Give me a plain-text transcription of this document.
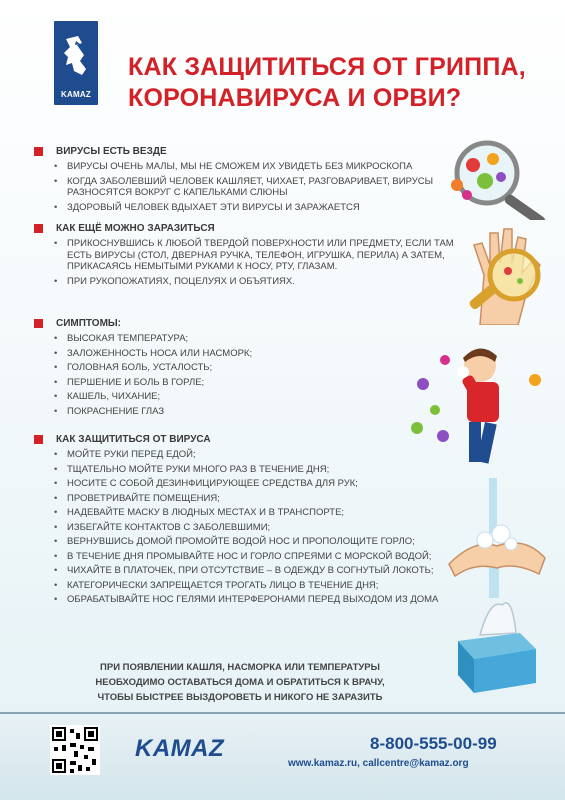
KAMAZ
КАК ЗАЩИТИТЬСЯ ОТ ГРИППА,
КОРОНАВИРУСА И ОРВИ?
ВИРУСЫ ЕСТЬ ВЕЗДЕ
• ВИРУСЫ ОЧЕНЬ МАЛЫ, МЫ НЕ СМОЖЕМ ИХ УВИДЕТЬ БЕЗ МИКРОСКОПА
• КОГДА ЗАБОЛЕВШИЙ ЧЕЛОВЕК КАШЛЯЕТ, ЧИХАЕТ, РАЗГОВАРИВАЕТ, ВИРУСЫ РАЗНОСЯТСЯ ВОКРУГ С КАПЕЛЬКАМИ СЛЮНЫ
• ЗДОРОВЫЙ ЧЕЛОВЕК ВДЫХАЕТ ЭТИ ВИРУСЫ И ЗАРАЖАЕТСЯ
КАК ЕЩЁ МОЖНО ЗАРАЗИТЬСЯ
• ПРИКОСНУВШИСЬ К ЛЮБОЙ ТВЕРДОЙ ПОВЕРХНОСТИ ИЛИ ПРЕДМЕТУ, ЕСЛИ ТАМ ЕСТЬ ВИРУСЫ (СТОЛ, ДВЕРНАЯ РУЧКА, ТЕЛЕФОН, ИГРУШКА, ПЕРИЛА) А ЗАТЕМ, ПРИКАСАЯСЬ НЕМЫТЫМИ РУКАМИ К НОСУ, РТУ, ГЛАЗАМ.
• ПРИ РУКОПОЖАТИЯХ, ПОЦЕЛУЯХ И ОБЪЯТИЯХ.
СИМПТОМЫ:
• ВЫСОКАЯ ТЕМПЕРАТУРА;
• ЗАЛОЖЕННОСТЬ НОСА ИЛИ НАСМОРК;
• ГОЛОВНАЯ БОЛЬ, УСТАЛОСТЬ;
• ПЕРШЕНИЕ И БОЛЬ В ГОРЛЕ;
• КАШЕЛЬ, ЧИХАНИЕ;
• ПОКРАСНЕНИЕ ГЛАЗ
КАК ЗАЩИТИТЬСЯ ОТ ВИРУСА
• МОЙТЕ РУКИ ПЕРЕД ЕДОЙ;
• ТЩАТЕЛЬНО МОЙТЕ РУКИ МНОГО РАЗ В ТЕЧЕНИЕ ДНЯ;
• НОСИТЕ С СОБОЙ ДЕЗИНФИЦИРУЮЩЕЕ СРЕДСТВА ДЛЯ РУК;
• ПРОВЕТРИВАЙТЕ ПОМЕЩЕНИЯ;
• НАДЕВАЙТЕ МАСКУ В ЛЮДНЫХ МЕСТАХ И В ТРАНСПОРТЕ;
• ИЗБЕГАЙТЕ КОНТАКТОВ С ЗАБОЛЕВШИМИ;
• ВЕРНУВШИСЬ ДОМОЙ ПРОМОЙТЕ ВОДОЙ НОС И ПРОПОЛОЩИТЕ ГОРЛО;
• В ТЕЧЕНИЕ ДНЯ ПРОМЫВАЙТЕ НОС И ГОРЛО СПРЕЯМИ С МОРСКОЙ ВОДОЙ;
• ЧИХАЙТЕ В ПЛАТОЧЕК, ПРИ ОТСУТСТВИЕ – В ОДЕЖДУ В СОГНУТЫЙ ЛОКОТЬ;
• КАТЕГОРИЧЕСКИ ЗАПРЕЩАЕТСЯ ТРОГАТЬ ЛИЦО В ТЕЧЕНИЕ ДНЯ;
• ОБРАБАТЫВАЙТЕ НОС ГЕЛЯМИ ИНТЕРФЕРОНАМИ ПЕРЕД ВЫХОДОМ ИЗ ДОМА
ПРИ ПОЯВЛЕНИИ КАШЛЯ, НАСМОРКА ИЛИ ТЕМПЕРАТУРЫ
НЕОБХОДИМО ОСТАВАТЬСЯ ДОМА И ОБРАТИТЬСЯ К ВРАЧУ,
ЧТОБЫ БЫСТРЕЕ ВЫЗДОРОВЕТЬ И НИКОГО НЕ ЗАРАЗИТЬ
KAMAZ	8-800-555-00-99
www.kamaz.ru, callcentre@kamaz.org
